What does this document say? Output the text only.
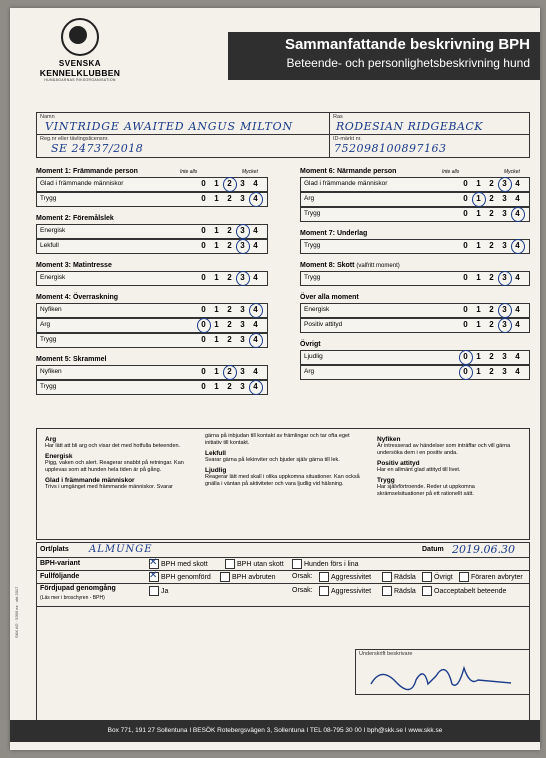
SVENSKA
KENNELKLUBBEN
HUNDÄGARNAS RIKSORGANISATION
Sammanfattande beskrivning BPH
Beteende- och personlighetsbeskrivning hund
Namn
VINTRIDGE AWAITED ANGUS MILTON
Reg.nr eller tävlingslicensnr.
SE 24737/2018
Ras
RODESIAN RIDGEBACK
ID-märkt nr.
752098100897163
Arg
Har lätt att bli arg och visar det med hotfulla beteenden.
Energisk
Pigg, vaken och alert. Reagerar snabbt på retningar. Kan upplevas som att hunden hela tiden är på gång.
Glad i främmande människor
Trivs i umgänget med främmande människor. Svarar
gärna på inbjudan till kontakt av främlingar och tar ofta eget initiativ till kontakt.
Lekfull
Svarar gärna på lekinviter och bjuder själv gärna till lek.
Ljudlig
Reagerar lätt med skall i olika uppkomna situationer. Kan också gnälla i väntan på aktiviteter och vara ljudlig vid hälsning.
Nyfiken
Är intresserad av händelser som inträffar och vill gärna undersöka dem i en positiv anda.
Positiv attityd
Har en allmänt glad attityd till livet.
Trygg
Har självförtroende. Reder ut uppkomna skrämselsituationer på ett rationellt sätt.
Ort/plats ALMUNGE	Datum 2019.06.30
BPH-variant ✕	BPH med skott	BPH utan skott	Hunden förs i lina
Fullföljande ✕	BPH genomförd	BPH avbruten Orsak:	Aggressivitet	Rädsla	Övrigt	Föraren avbryter
Fördjupad genomgång
(Läs mer i broschyren - BPH)
Ja	Orsak:	Aggressivitet	Rädsla	Oacceptabelt beteende
Underskrift beskrivare
Box 771, 191 27 Sollentuna I BESÖK Rotebergsvägen 3, Sollentuna I TEL 08-795 30 00 I bph@skk.se I www.skk.se
SKK AG · 5390 ex · okt 2017
Moment 1: Främmande person	Inte alls	Mycket
Glad i främmande människor	0 1 2 3 4
Trygg	0 1 2 3 4
Moment 2: Föremålslek
Energisk	0 1 2 3 4
Lekfull	0 1 2 3 4
Moment 3: Matintresse
Energisk	0 1 2 3 4
Moment 4: Överraskning
Nyfiken	0 1 2 3 4
Arg	0 1 2 3 4
Trygg	0 1 2 3 4
Moment 5: Skrammel
Nyfiken	0 1 2 3 4
Trygg	0 1 2 3 4
Moment 6: Närmande person	Inte alls	Mycket
Glad i främmande människor	0 1 2 3 4
Arg	0 1 2 3 4
Trygg	0 1 2 3 4
Moment 7: Underlag
Trygg	0 1 2 3 4
Moment 8: Skott (valfritt moment)
Trygg	0 1 2 3 4
Över alla moment
Energisk	0 1 2 3 4
Positiv attityd	0 1 2 3 4
Övrigt
Ljudlig	0 1 2 3 4
Arg	0 1 2 3 4
